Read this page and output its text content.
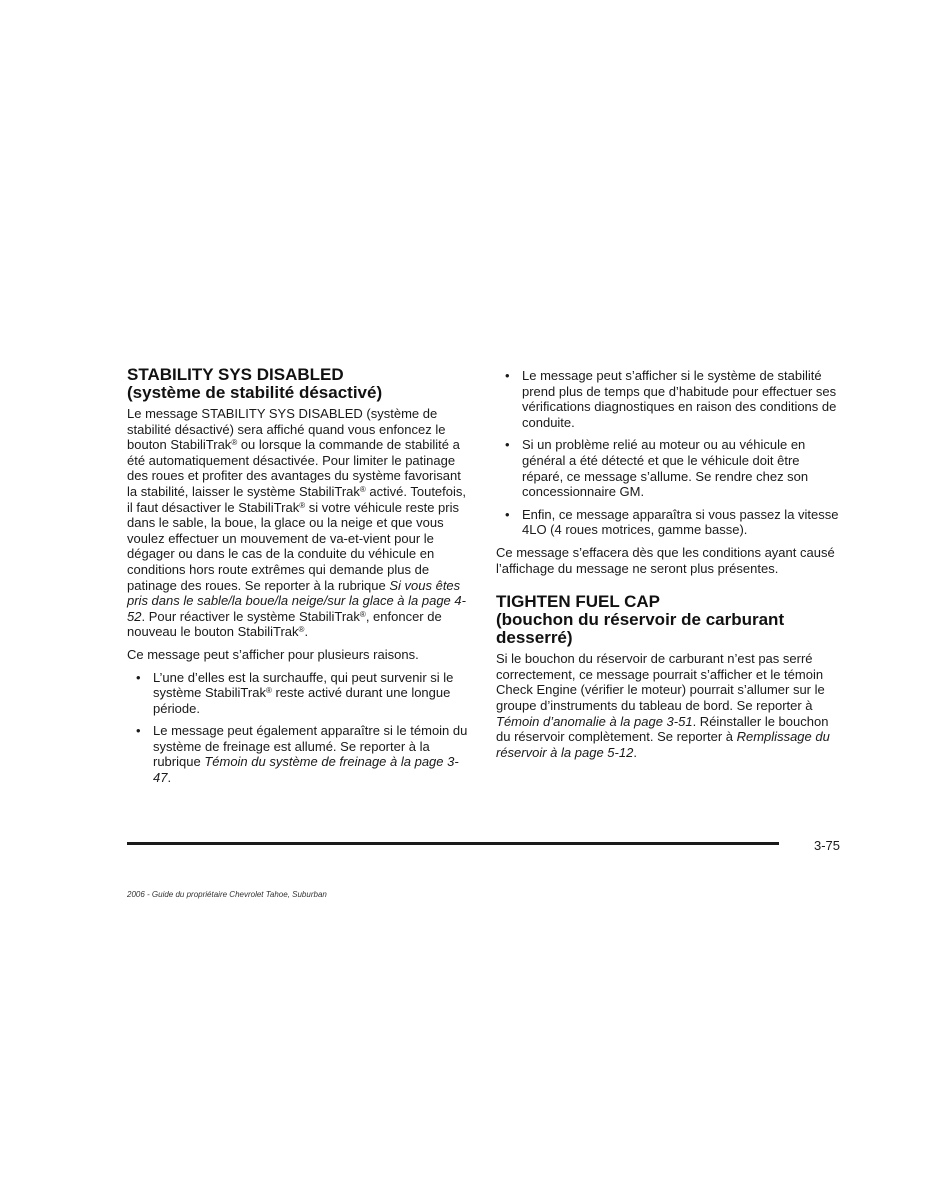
STABILITY SYS DISABLED
(système de stabilité désactivé)

Le message STABILITY SYS DISABLED (système de stabilité désactivé) sera affiché quand vous enfoncez le bouton StabiliTrak® ou lorsque la commande de stabilité a été automatiquement désactivée. Pour limiter le patinage des roues et profiter des avantages du système favorisant la stabilité, laisser le système StabiliTrak® activé. Toutefois, il faut désactiver le StabiliTrak® si votre véhicule reste pris dans le sable, la boue, la glace ou la neige et que vous voulez effectuer un mouvement de va-et-vient pour le dégager ou dans le cas de la conduite du véhicule en conditions hors route extrêmes qui demande plus de patinage des roues. Se reporter à la rubrique Si vous êtes pris dans le sable/la boue/la neige/sur la glace à la page 4-52. Pour réactiver le système StabiliTrak®, enfoncer de nouveau le bouton StabiliTrak®.

Ce message peut s’afficher pour plusieurs raisons.

• L’une d’elles est la surchauffe, qui peut survenir si le système StabiliTrak® reste activé durant une longue période.
• Le message peut également apparaître si le témoin du système de freinage est allumé. Se reporter à la rubrique Témoin du système de freinage à la page 3-47.
• Le message peut s’afficher si le système de stabilité prend plus de temps que d’habitude pour effectuer ses vérifications diagnostiques en raison des conditions de conduite.
• Si un problème relié au moteur ou au véhicule en général a été détecté et que le véhicule doit être réparé, ce message s’allume. Se rendre chez son concessionnaire GM.
• Enfin, ce message apparaîtra si vous passez la vitesse 4LO (4 roues motrices, gamme basse).

Ce message s’effacera dès que les conditions ayant causé l’affichage du message ne seront plus présentes.

TIGHTEN FUEL CAP
(bouchon du réservoir de carburant desserré)

Si le bouchon du réservoir de carburant n’est pas serré correctement, ce message pourrait s’afficher et le témoin Check Engine (vérifier le moteur) pourrait s’allumer sur le groupe d’instruments du tableau de bord. Se reporter à Témoin d’anomalie à la page 3-51. Réinstaller le bouchon du réservoir complètement. Se reporter à Remplissage du réservoir à la page 5-12.

3-75
2006 - Guide du propriétaire Chevrolet Tahoe, Suburban
